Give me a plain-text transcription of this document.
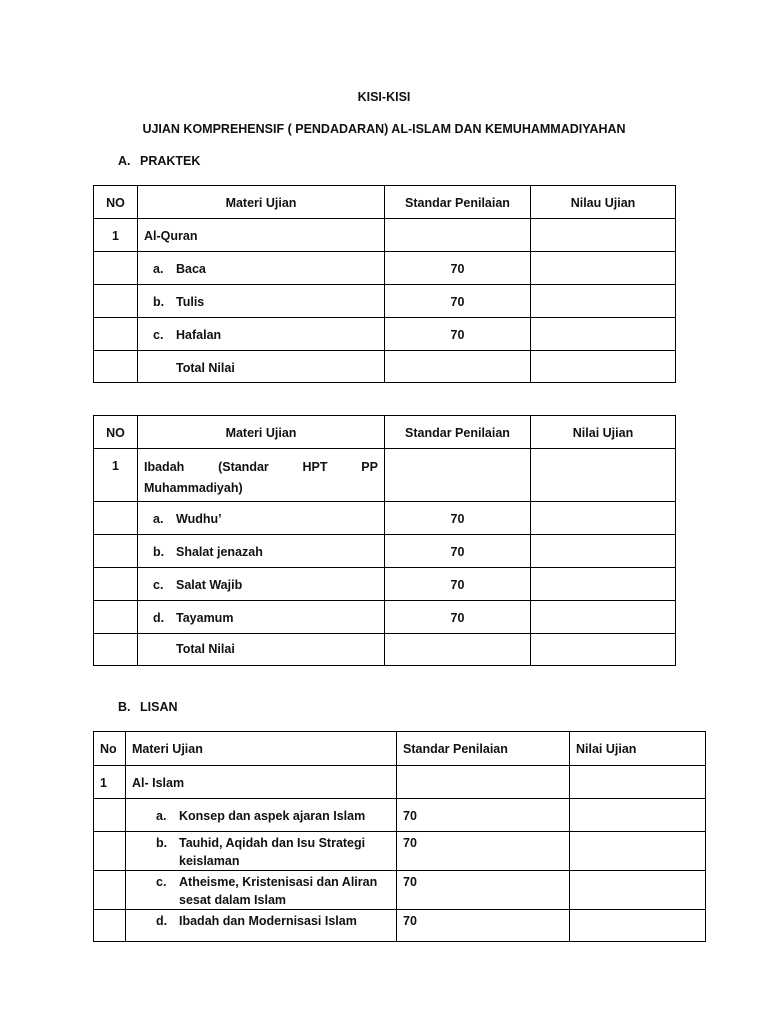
KISI-KISI
UJIAN KOMPREHENSIF ( PENDADARAN) AL-ISLAM DAN KEMUHAMMADIYAHAN
A. PRAKTEK
NO	Materi Ujian	Standar Penilaian	Nilau Ujian

1	Al-Quran		

	a. Baca	70	

	b. Tulis	70	

	c. Hafalan	70	

	Total Nilai		

NO	Materi Ujian	Standar Penilaian	Nilai Ujian

1	Ibadah (Standar HPT PP
Muhammadiyah)		

	a. Wudhu’	70	

	b. Shalat jenazah	70	

	c. Salat Wajib	70	

	d. Tayamum	70	

	Total Nilai		

B. LISAN
No	Materi Ujian	Standar Penilaian	Nilai Ujian

1	Al- Islam		

	a. Konsep dan aspek ajaran Islam	70	

	b. Tauhid, Aqidah dan Isu Strategi
keislaman	70	

	c. Atheisme, Kristenisasi dan Aliran
sesat dalam Islam	70	

	d. Ibadah dan Modernisasi Islam	70	
